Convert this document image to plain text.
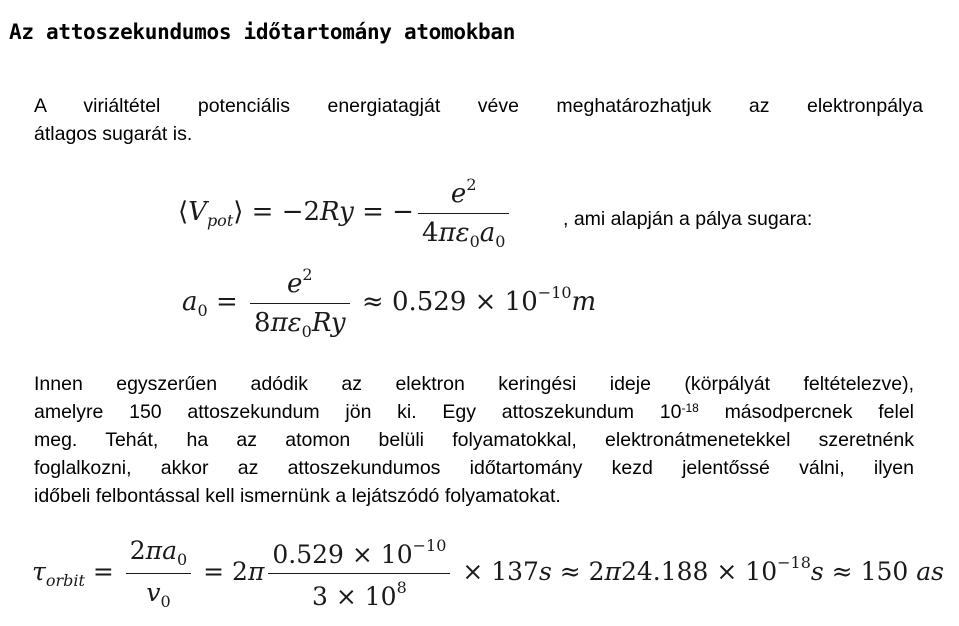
Az attoszekundumos időtartomány atomokban
A viriáltétel potenciális energiatagját véve meghatározhatjuk az elektronpálya
átlagos sugarát is.
$⟨V_{pot}⟩ = -2Ry$ = − $\frac{e^2}{4\pi\varepsilon_0a_0}$	, ami alapján a pálya sugara:
$a_0 = \frac{e^2}{8\pi\varepsilon_0Ry} \approx 0.529 \times 10^{-10}m$
Innen egyszerűen adódik az elektron keringési ideje (körpályát feltételezve),
amelyre 150 attoszekundum jön ki. Egy attoszekundum $10^{-18}$ másodpercnek felel
meg. Tehát, ha az atomon belüli folyamatokkal, elektronátmenetekkel szeretnénk
foglalkozni, akkor az attoszekundumos időtartomány kezd jelentőssé válni, ilyen
időbeli felbontással kell ismernünk a lejátszódó folyamatokat.
$\tau_{orbit} = \frac{2\pi a_0}{v_0} = 2\pi \frac{0.529 \times 10^{-10}}{3 \times 10^8} \times 137s \approx 2\pi 24.188 \times 10^{-18}s \approx 150$ as
